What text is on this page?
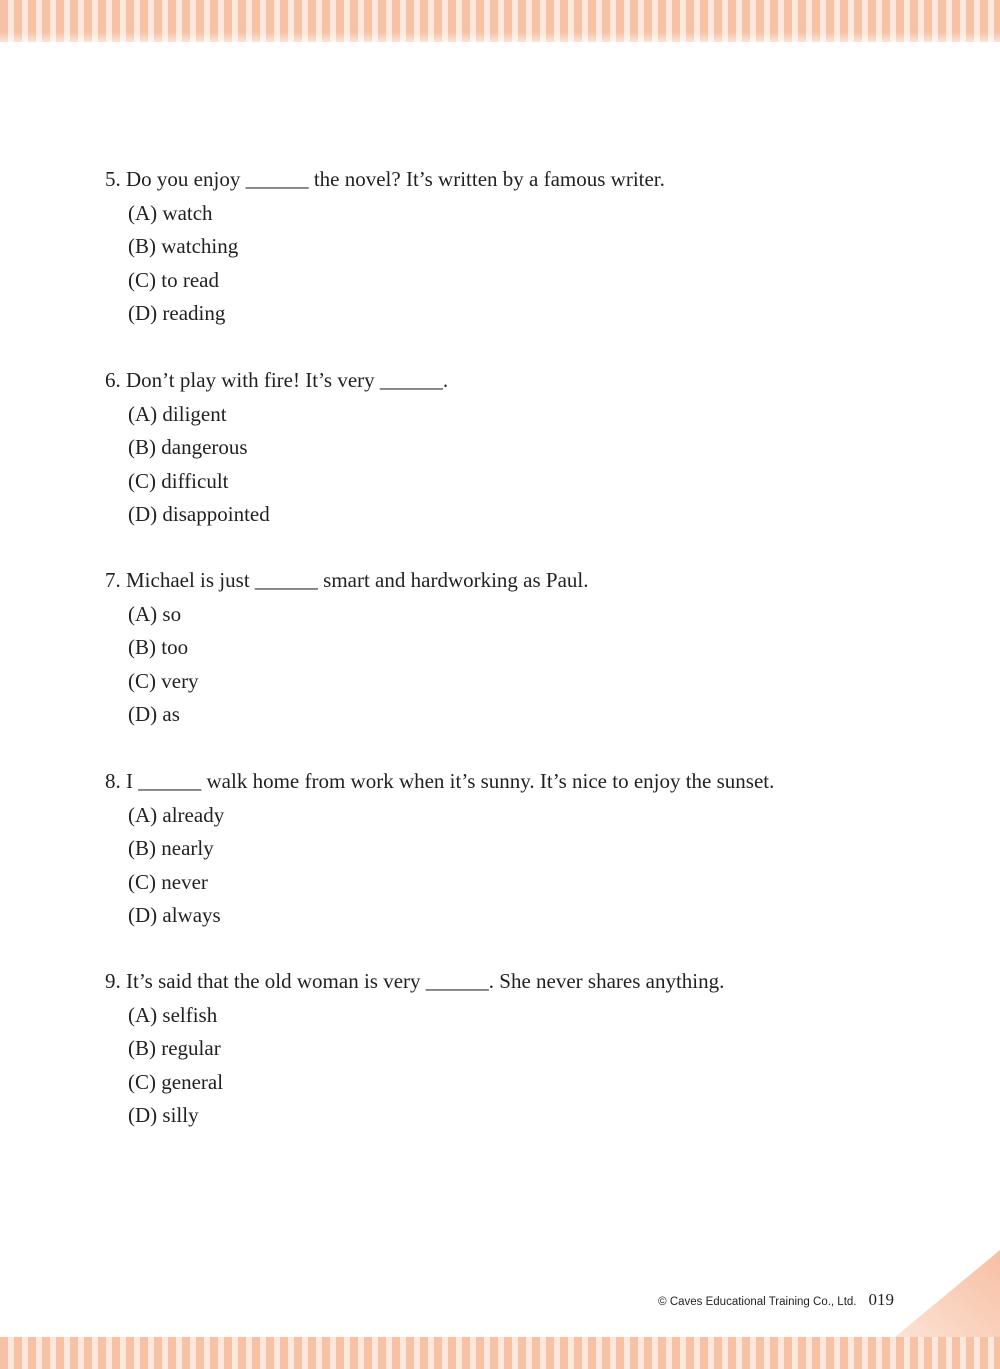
5. Do you enjoy ______ the novel? It’s written by a famous writer.
(A) watch
(B) watching
(C) to read
(D) reading
6. Don’t play with fire! It’s very ______.
(A) diligent
(B) dangerous
(C) difficult
(D) disappointed
7. Michael is just ______ smart and hardworking as Paul.
(A) so
(B) too
(C) very
(D) as
8. I ______ walk home from work when it’s sunny. It’s nice to enjoy the sunset.
(A) already
(B) nearly
(C) never
(D) always
9. It’s said that the old woman is very ______. She never shares anything.
(A) selfish
(B) regular
(C) general
(D) silly
© Caves Educational Training Co., Ltd. 019
